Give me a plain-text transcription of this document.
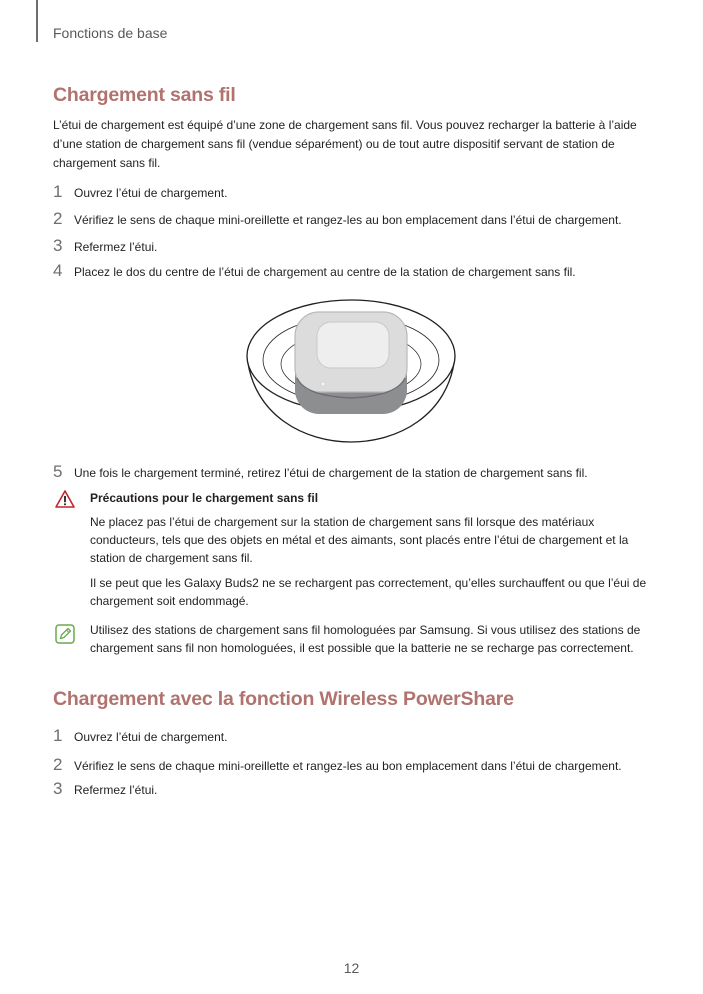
Fonctions de base
Chargement sans fil
L’étui de chargement est équipé d’une zone de chargement sans fil. Vous pouvez recharger la batterie à l’aide d’une station de chargement sans fil (vendue séparément) ou de tout autre dispositif servant de station de chargement sans fil.
1 Ouvrez l’étui de chargement.
2 Vérifiez le sens de chaque mini-oreillette et rangez-les au bon emplacement dans l’étui de chargement.
3 Refermez l’étui.
4 Placez le dos du centre de l’étui de chargement au centre de la station de chargement sans fil.
5 Une fois le chargement terminé, retirez l’étui de chargement de la station de chargement sans fil.
Précautions pour le chargement sans fil
Ne placez pas l’étui de chargement sur la station de chargement sans fil lorsque des matériaux conducteurs, tels que des objets en métal et des aimants, sont placés entre l’étui de chargement et la station de chargement sans fil.
Il se peut que les Galaxy Buds2 ne se rechargent pas correctement, qu’elles surchauffent ou que l’éui de chargement soit endommagé.
Utilisez des stations de chargement sans fil homologuées par Samsung. Si vous utilisez des stations de chargement sans fil non homologuées, il est possible que la batterie ne se recharge pas correctement.
Chargement avec la fonction Wireless PowerShare
1 Ouvrez l’étui de chargement.
2 Vérifiez le sens de chaque mini-oreillette et rangez-les au bon emplacement dans l’étui de chargement.
3 Refermez l’étui.
12
